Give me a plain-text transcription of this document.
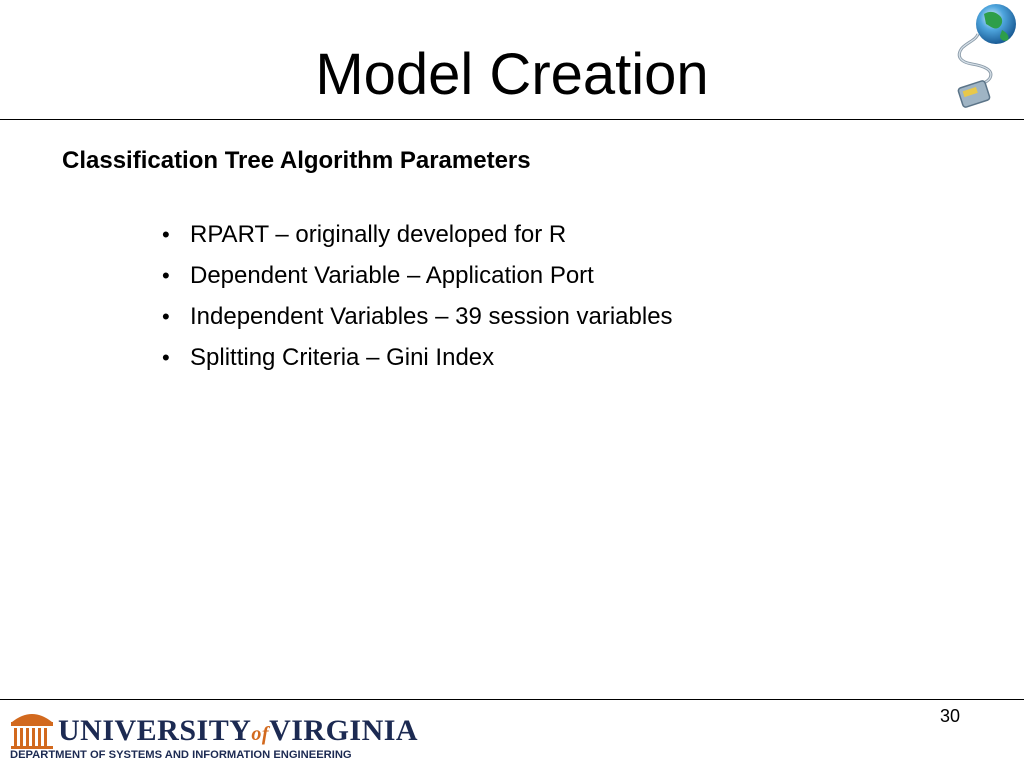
Model Creation
Classification Tree Algorithm Parameters
• RPART – originally developed for R
• Dependent Variable – Application Port
• Independent Variables – 39 session variables
• Splitting Criteria – Gini Index
UNIVERSITYofVIRGINIA
DEPARTMENT OF SYSTEMS AND INFORMATION ENGINEERING
30
